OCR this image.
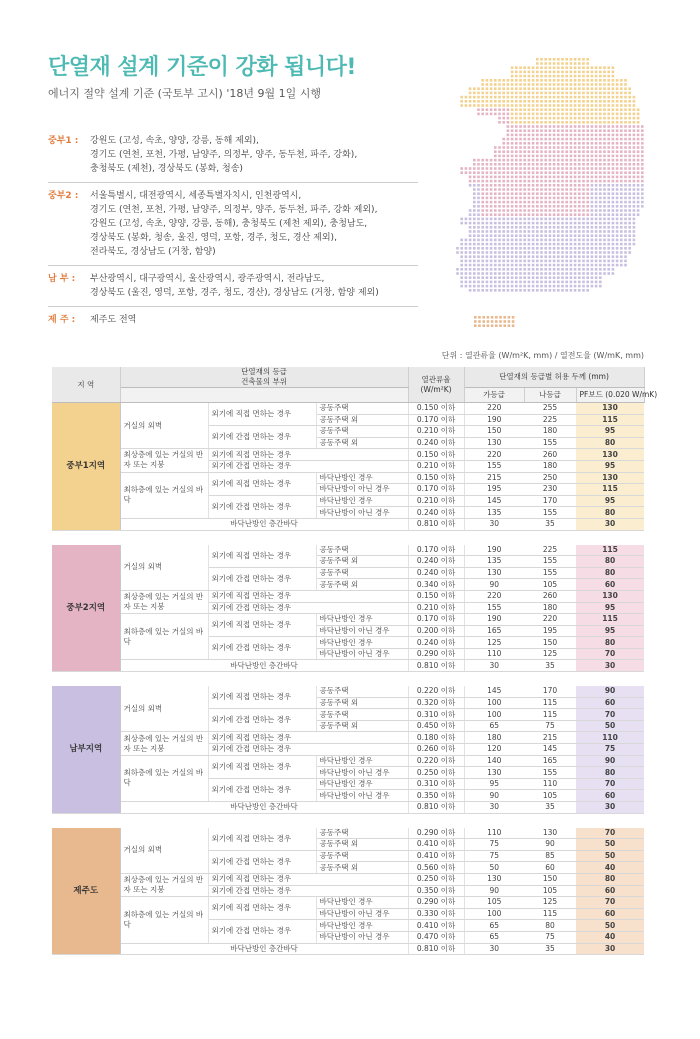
단열재 설계 기준이 강화 됩니다!
에너지 절약 설계 기준 (국토부 고시) '18년 9월 1일 시행
중부1 :	강원도 (고성, 속초, 양양, 강릉, 동해 제외),
경기도 (연천, 포천, 가평, 남양주, 의정부, 양주, 동두천, 파주, 강화),
충청북도 (제천), 경상북도 (봉화, 청송)
중부2 :	서울특별시, 대전광역시, 세종특별자치시, 인천광역시,
경기도 (연천, 포천, 가평, 남양주, 의정부, 양주, 동두천, 파주, 강화 제외),
강원도 (고성, 속초, 양양, 강릉, 동해), 충청북도 (제천 제외), 충청남도,
경상북도 (봉화, 청송, 울진, 영덕, 포항, 경주, 청도, 경산 제외),
전라북도, 경상남도 (거창, 함양)
남 부 :	부산광역시, 대구광역시, 울산광역시, 광주광역시, 전라남도,
경상북도 (울진, 영덕, 포항, 경주, 청도, 경산), 경상남도 (거창, 함양 제외)
제 주 :	제주도 전역
단위 : 열관류율 (W/m²K, mm) / 열전도율 (W/mK, mm)
지 역	단열재의 등급
건축물의 부위			열관류율
(W/m²K)	단열재의 등급별 허용 두께 (mm)		
					가등급	나등급	PF보드 (0.020 W/mK)
중부1지역	거실의 외벽	외기에 직접 면하는 경우	공동주택	0.150 이하	220	255	130
			공동주택 외	0.170 이하	190	225	115
		외기에 간접 면하는 경우	공동주택	0.210 이하	150	180	95
			공동주택 외	0.240 이하	130	155	80
	최상층에 있는 거실의 반자 또는 지붕	외기에 직접 면하는 경우		0.150 이하	220	260	130
		외기에 간접 면하는 경우		0.210 이하	155	180	95
	최하층에 있는 거실의 바닥	외기에 직접 면하는 경우	바닥난방인 경우	0.150 이하	215	250	130
			바닥난방이 아닌 경우	0.170 이하	195	230	115
		외기에 간접 면하는 경우	바닥난방인 경우	0.210 이하	145	170	95
			바닥난방이 아닌 경우	0.240 이하	135	155	80
	바닥난방인 층간바닥			0.810 이하	30	35	30

중부2지역	거실의 외벽	외기에 직접 면하는 경우	공동주택	0.170 이하	190	225	115
			공동주택 외	0.240 이하	135	155	80
		외기에 간접 면하는 경우	공동주택	0.240 이하	130	155	80
			공동주택 외	0.340 이하	90	105	60
	최상층에 있는 거실의 반자 또는 지붕	외기에 직접 면하는 경우		0.150 이하	220	260	130
		외기에 간접 면하는 경우		0.210 이하	155	180	95
	최하층에 있는 거실의 바닥	외기에 직접 면하는 경우	바닥난방인 경우	0.170 이하	190	220	115
			바닥난방이 아닌 경우	0.200 이하	165	195	95
		외기에 간접 면하는 경우	바닥난방인 경우	0.240 이하	125	150	80
			바닥난방이 아닌 경우	0.290 이하	110	125	70
	바닥난방인 층간바닥			0.810 이하	30	35	30

남부지역	거실의 외벽	외기에 직접 면하는 경우	공동주택	0.220 이하	145	170	90
			공동주택 외	0.320 이하	100	115	60
		외기에 간접 면하는 경우	공동주택	0.310 이하	100	115	70
			공동주택 외	0.450 이하	65	75	50
	최상층에 있는 거실의 반자 또는 지붕	외기에 직접 면하는 경우		0.180 이하	180	215	110
		외기에 간접 면하는 경우		0.260 이하	120	145	75
	최하층에 있는 거실의 바닥	외기에 직접 면하는 경우	바닥난방인 경우	0.220 이하	140	165	90
			바닥난방이 아닌 경우	0.250 이하	130	155	80
		외기에 간접 면하는 경우	바닥난방인 경우	0.310 이하	95	110	70
			바닥난방이 아닌 경우	0.350 이하	90	105	60
	바닥난방인 층간바닥			0.810 이하	30	35	30

제주도	거실의 외벽	외기에 직접 면하는 경우	공동주택	0.290 이하	110	130	70
			공동주택 외	0.410 이하	75	90	50
		외기에 간접 면하는 경우	공동주택	0.410 이하	75	85	50
			공동주택 외	0.560 이하	50	60	40
	최상층에 있는 거실의 반자 또는 지붕	외기에 직접 면하는 경우		0.250 이하	130	150	80
		외기에 간접 면하는 경우		0.350 이하	90	105	60
	최하층에 있는 거실의 바닥	외기에 직접 면하는 경우	바닥난방인 경우	0.290 이하	105	125	70
			바닥난방이 아닌 경우	0.330 이하	100	115	60
		외기에 간접 면하는 경우	바닥난방인 경우	0.410 이하	65	80	50
			바닥난방이 아닌 경우	0.470 이하	65	75	40
	바닥난방인 층간바닥			0.810 이하	30	35	30
